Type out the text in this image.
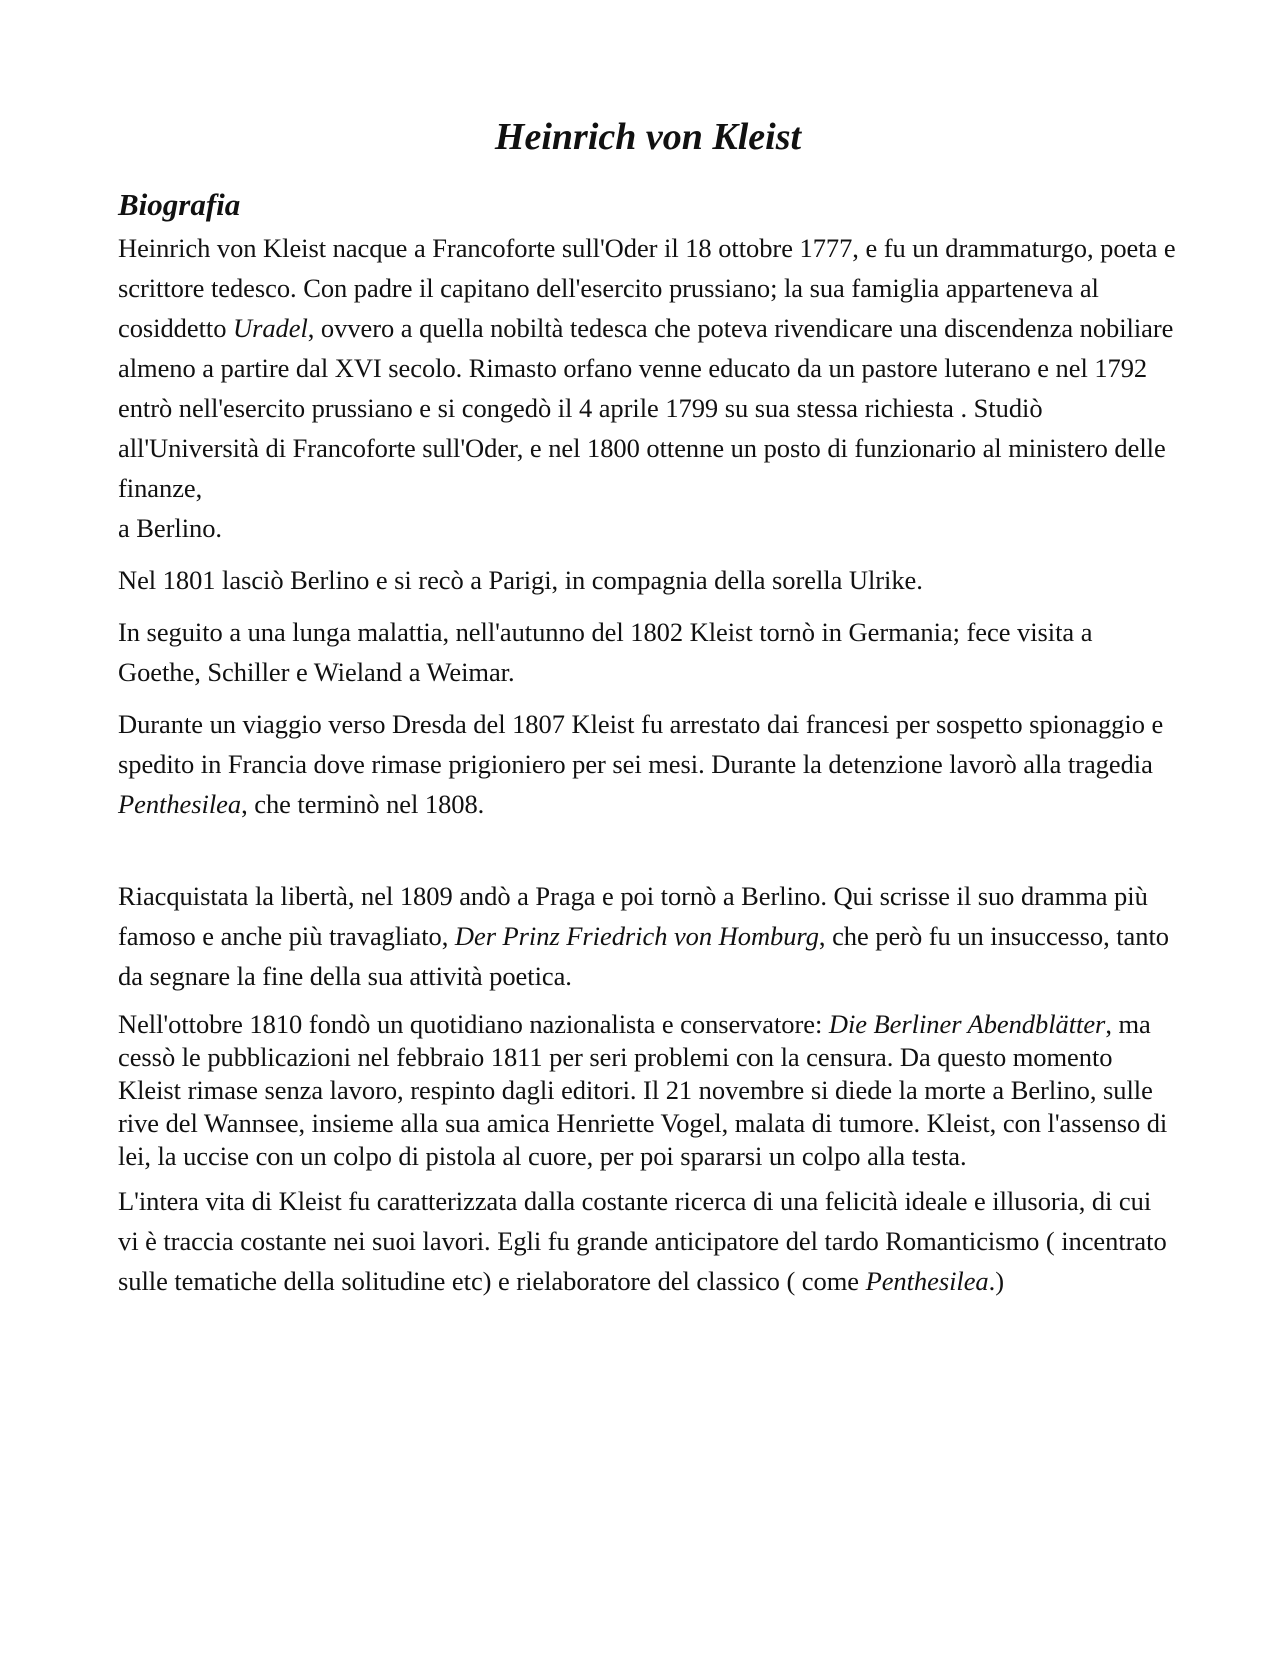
Heinrich von Kleist
Biografia

Heinrich von Kleist nacque a Francoforte sull'Oder il 18 ottobre 1777, e fu un drammaturgo, poeta e scrittore tedesco. Con padre il capitano dell'esercito prussiano; la sua famiglia apparteneva al cosiddetto Uradel, ovvero a quella nobiltà tedesca che poteva rivendicare una discendenza nobiliare almeno a partire dal XVI secolo. Rimasto orfano venne educato da un pastore luterano e nel 1792 entrò nell'esercito prussiano e si congedò il 4 aprile 1799 su sua stessa richiesta . Studiò all'Università di Francoforte sull'Oder, e nel 1800 ottenne un posto di funzionario al ministero delle finanze,
a Berlino.

Nel 1801 lasciò Berlino e si recò a Parigi, in compagnia della sorella Ulrike.

In seguito a una lunga malattia, nell'autunno del 1802 Kleist tornò in Germania; fece visita a Goethe, Schiller e Wieland a Weimar.

Durante un viaggio verso Dresda del 1807 Kleist fu arrestato dai francesi per sospetto spionaggio e spedito in Francia dove rimase prigioniero per sei mesi. Durante la detenzione lavorò alla tragedia Penthesilea, che terminò nel 1808.

Riacquistata la libertà, nel 1809 andò a Praga e poi tornò a Berlino. Qui scrisse il suo dramma più famoso e anche più travagliato, Der Prinz Friedrich von Homburg, che però fu un insuccesso, tanto da segnare la fine della sua attività poetica.

Nell'ottobre 1810 fondò un quotidiano nazionalista e conservatore: Die Berliner Abendblätter, ma cessò le pubblicazioni nel febbraio 1811 per seri problemi con la censura. Da questo momento Kleist rimase senza lavoro, respinto dagli editori. Il 21 novembre si diede la morte a Berlino, sulle rive del Wannsee, insieme alla sua amica Henriette Vogel, malata di tumore. Kleist, con l'assenso di lei, la uccise con un colpo di pistola al cuore, per poi spararsi un colpo alla testa.

L'intera vita di Kleist fu caratterizzata dalla costante ricerca di una felicità ideale e illusoria, di cui vi è traccia costante nei suoi lavori. Egli fu grande anticipatore del tardo Romanticismo ( incentrato sulle tematiche della solitudine etc) e rielaboratore del classico ( come Penthesilea.)
